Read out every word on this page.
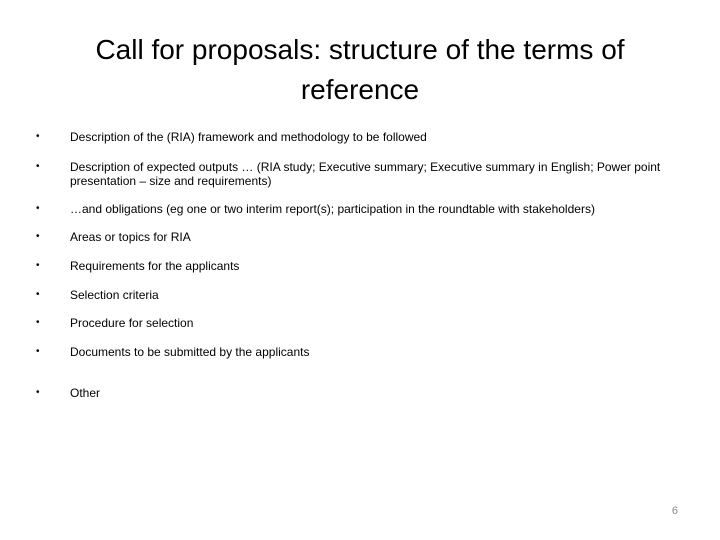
Call for proposals: structure of the terms of reference
•	Description of the (RIA) framework and methodology to be followed
•	Description of expected outputs … (RIA study; Executive summary; Executive summary in English; Power point presentation – size and requirements)
•	…and obligations (eg one or two interim report(s); participation in the roundtable with stakeholders)
•	Areas or topics for RIA
•	Requirements for the applicants
•	Selection criteria
•	Procedure for selection
•	Documents to be submitted by the applicants
•	Other
6
